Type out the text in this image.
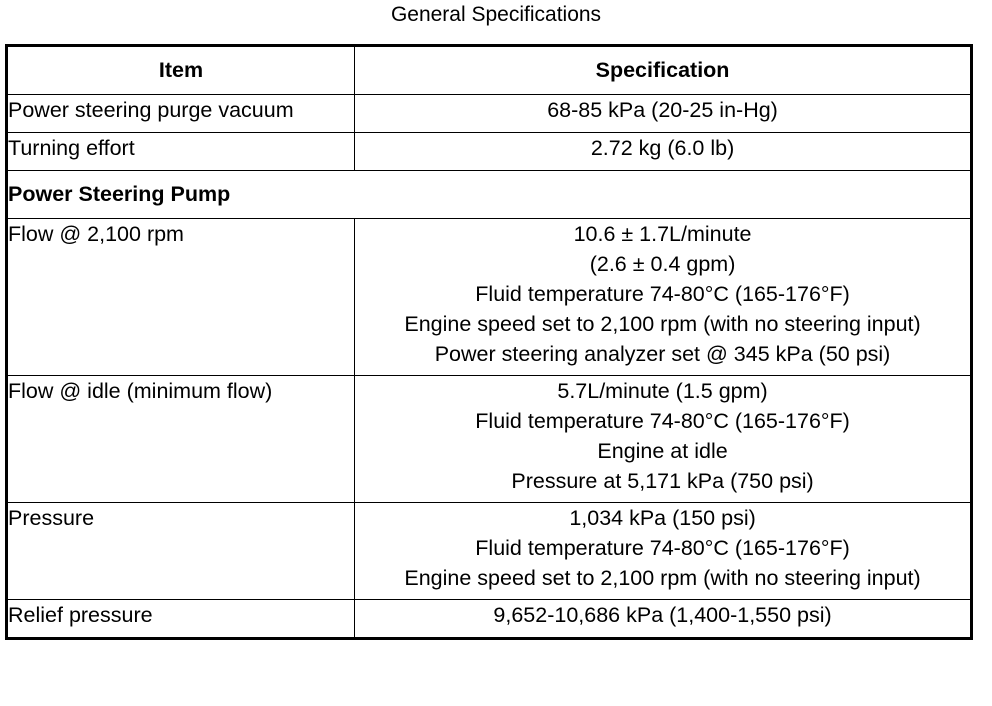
General Specifications
Item	Specification
Power steering purge vacuum	68-85 kPa (20-25 in-Hg)

Turning effort	2.72 kg (6.0 lb)

Power Steering Pump	
Flow @ 2,100 rpm	10.6 ± 1.7L/minute
(2.6 ± 0.4 gpm)
Fluid temperature 74-80°C (165-176°F)
Engine speed set to 2,100 rpm (with no steering input)
Power steering analyzer set @ 345 kPa (50 psi)

Flow @ idle (minimum flow)	5.7L/minute (1.5 gpm)
Fluid temperature 74-80°C (165-176°F)
Engine at idle
Pressure at 5,171 kPa (750 psi)

Pressure	1,034 kPa (150 psi)
Fluid temperature 74-80°C (165-176°F)
Engine speed set to 2,100 rpm (with no steering input)

Relief pressure	9,652-10,686 kPa (1,400-1,550 psi)
